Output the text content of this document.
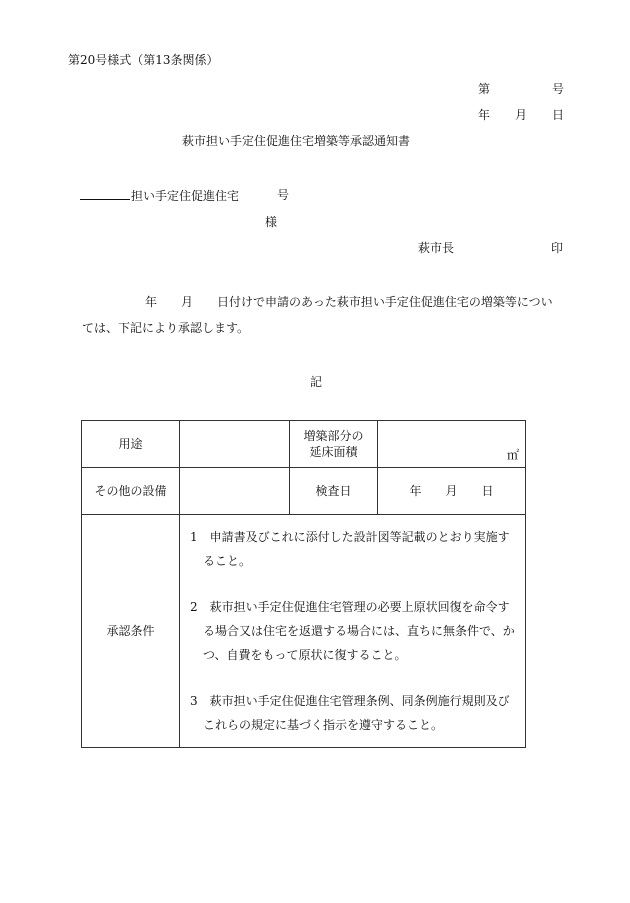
第20号様式（第13条関係）
第	号
年 月 日
萩市担い手定住促進住宅増築等承認通知書
担い手定住促進住宅	号
様
萩市長	印
年　　月　　日付けで申請のあった萩市担い手定住促進住宅の増築等につい
ては、下記により承認します。
記
用途		増築部分の
延床面積	㎡

その他の設備		検査日	年　　月　　日
承認条件	1　申請書及びこれに添付した設計図等記載のとおり実施すること。

2　萩市担い手定住促進住宅管理の必要上原状回復を命令する場合又は住宅を返還する場合には、直ちに無条件で、かつ、自費をもって原状に復すること。

3　萩市担い手定住促進住宅管理条例、同条例施行規則及びこれらの規定に基づく指示を遵守すること。		
